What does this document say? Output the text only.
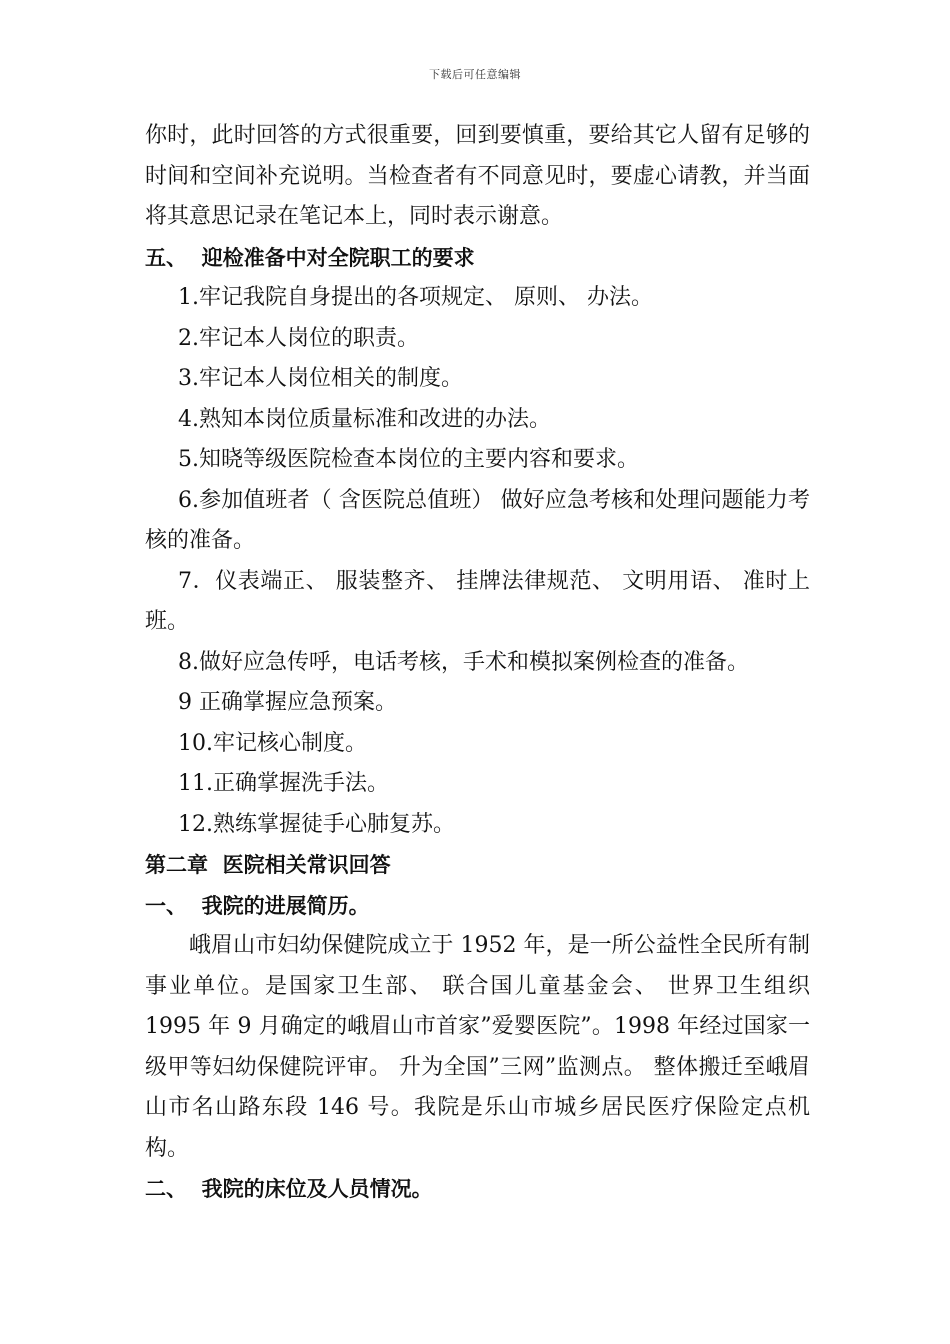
下载后可任意编辑

你时，此时回答的方式很重要，回到要慎重，要给其它人留有足够的时间和空间补充说明。当检查者有不同意见时，要虚心请教，并当面将其意思记录在笔记本上，同时表示谢意。

五、  迎检准备中对全院职工的要求

1.牢记我院自身提出的各项规定、 原则、 办法。

2.牢记本人岗位的职责。

3.牢记本人岗位相关的制度。

4.熟知本岗位质量标准和改进的办法。

5.知晓等级医院检查本岗位的主要内容和要求。

6.参加值班者（ 含医院总值班） 做好应急考核和处理问题能力考核的准备。

7．仪表端正、 服装整齐、 挂牌法律规范、 文明用语、 准时上班。

8.做好应急传呼，电话考核，手术和模拟案例检查的准备。

9 正确掌握应急预案。

10.牢记核心制度。

11.正确掌握洗手法。

12.熟练掌握徒手心肺复苏。

第二章  医院相关常识回答

一、  我院的进展简历。

峨眉山市妇幼保健院成立于 1952 年，是一所公益性全民所有制事业单位。是国家卫生部、 联合国儿童基金会、 世界卫生组织 1995 年 9 月确定的峨眉山市首家”爱婴医院”。1998 年经过国家一级甲等妇幼保健院评审。 升为全国”三网”监测点。 整体搬迁至峨眉山市名山路东段 146 号。我院是乐山市城乡居民医疗保险定点机构。

二、  我院的床位及人员情况。
